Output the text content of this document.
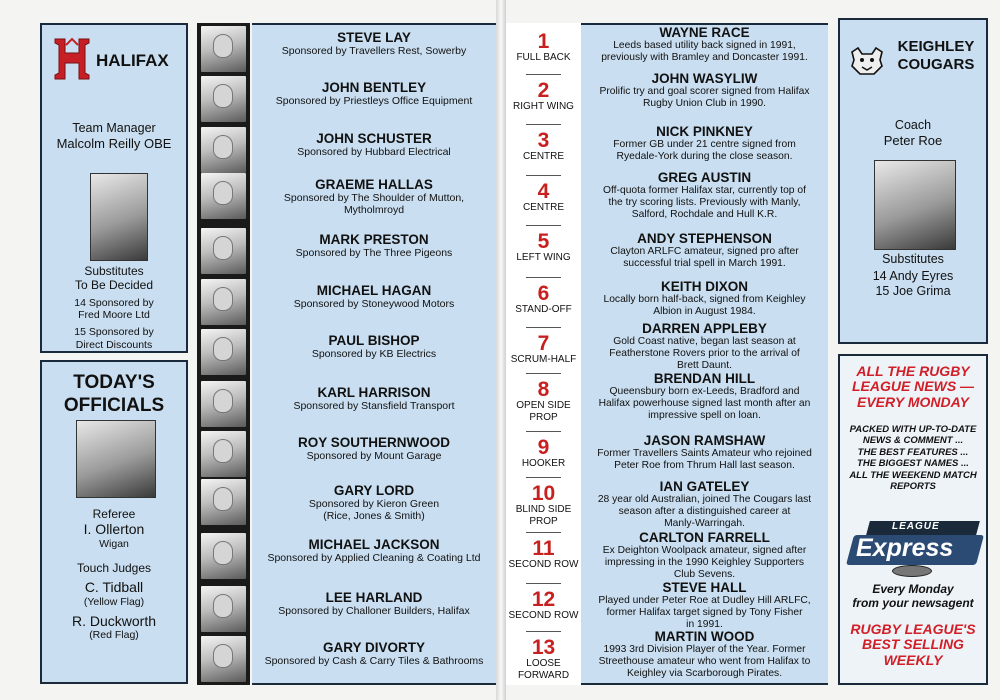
HALIFAX
Team Manager
Malcolm Reilly OBE
Substitutes
To Be Decided
14 Sponsored by
Fred Moore Ltd
15 Sponsored by
Direct Discounts
TODAY'S
OFFICIALS
Referee
I. Ollerton
Wigan
Touch Judges
C. Tidball
(Yellow Flag)
R. Duckworth
(Red Flag)
STEVE LAY
Sponsored by Travellers Rest, Sowerby
JOHN BENTLEY
Sponsored by Priestleys Office Equipment
JOHN SCHUSTER
Sponsored by Hubbard Electrical
GRAEME HALLAS
Sponsored by The Shoulder of Mutton,
Mytholmroyd
MARK PRESTON
Sponsored by The Three Pigeons
MICHAEL HAGAN
Sponsored by Stoneywood Motors
PAUL BISHOP
Sponsored by KB Electrics
KARL HARRISON
Sponsored by Stansfield Transport
ROY SOUTHERNWOOD
Sponsored by Mount Garage
GARY LORD
Sponsored by Kieron Green
(Rice, Jones & Smith)
MICHAEL JACKSON
Sponsored by Applied Cleaning & Coating Ltd
LEE HARLAND
Sponsored by Challoner Builders, Halifax
GARY DIVORTY
Sponsored by Cash & Carry Tiles & Bathrooms
1
FULL BACK
2
RIGHT WING
3
CENTRE
4
CENTRE
5
LEFT WING
6
STAND-OFF
7
SCRUM-HALF
8
OPEN SIDE
PROP
9
HOOKER
10
BLIND SIDE
PROP
11
SECOND ROW
12
SECOND ROW
13
LOOSE
FORWARD
WAYNE RACE
Leeds based utility back signed in 1991,
previously with Bramley and Doncaster 1991.
JOHN WASYLIW
Prolific try and goal scorer signed from Halifax
Rugby Union Club in 1990.
NICK PINKNEY
Former GB under 21 centre signed from
Ryedale-York during the close season.
GREG AUSTIN
Off-quota former Halifax star, currently top of
the try scoring lists. Previously with Manly,
Salford, Rochdale and Hull K.R.
ANDY STEPHENSON
Clayton ARLFC amateur, signed pro after
successful trial spell in March 1991.
KEITH DIXON
Locally born half-back, signed from Keighley
Albion in August 1984.
DARREN APPLEBY
Gold Coast native, began last season at
Featherstone Rovers prior to the arrival of
Brett Daunt.
BRENDAN HILL
Queensbury born ex-Leeds, Bradford and
Halifax powerhouse signed last month after an
impressive spell on loan.
JASON RAMSHAW
Former Travellers Saints Amateur who rejoined
Peter Roe from Thrum Hall last season.
IAN GATELEY
28 year old Australian, joined The Cougars last
season after a distinguished career at
Manly-Warringah.
CARLTON FARRELL
Ex Deighton Woolpack amateur, signed after
impressing in the 1990 Keighley Supporters
Club Sevens.
STEVE HALL
Played under Peter Roe at Dudley Hill ARLFC,
former Halifax target signed by Tony Fisher
in 1991.
MARTIN WOOD
1993 3rd Division Player of the Year. Former
Streethouse amateur who went from Halifax to
Keighley via Scarborough Pirates.
KEIGHLEY
COUGARS
Coach
Peter Roe
Substitutes
14 Andy Eyres
15 Joe Grima
ALL THE RUGBY
LEAGUE NEWS —
EVERY MONDAY
PACKED WITH UP-TO-DATE
NEWS & COMMENT ...
THE BEST FEATURES ...
THE BIGGEST NAMES ...
ALL THE WEEKEND MATCH
REPORTS
LEAGUE
Express
Every Monday
from your newsagent
RUGBY LEAGUE'S
BEST SELLING
WEEKLY
